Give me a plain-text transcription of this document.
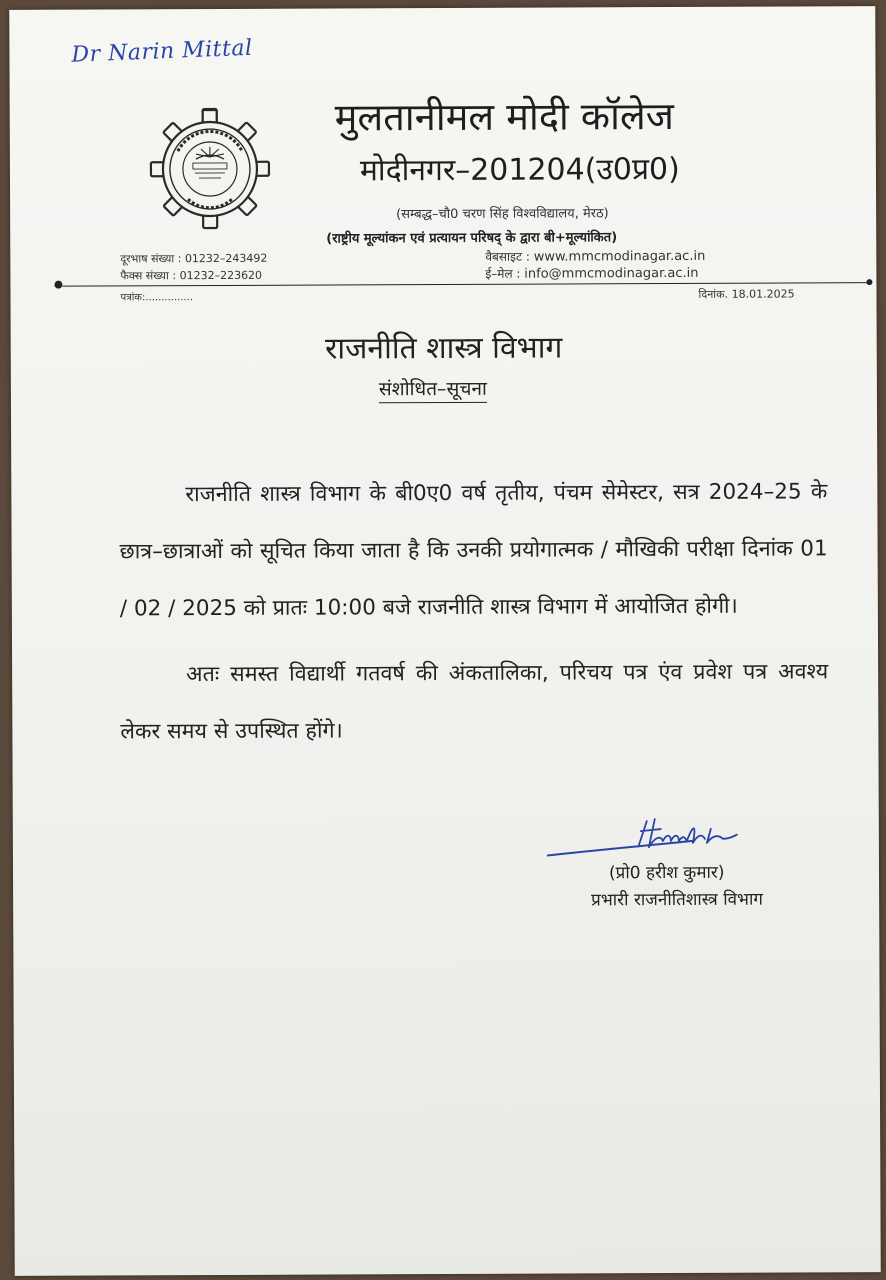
Dr Narin Mittal
मुलतानीमल मोदी कॉलेज
मोदीनगर–201204(उ0प्र0)
(सम्बद्ध–चौ0 चरण सिंह विश्वविद्यालय, मेरठ)
(राष्ट्रीय मूल्यांकन एवं प्रत्यायन परिषद् के द्वारा बी+मूल्यांकित)
दूरभाष संख्या : 01232–243492
फैक्स संख्या : 01232–223620
वैबसाइट : www.mmcmodinagar.ac.in
ई–मेल : info@mmcmodinagar.ac.in
पत्रांक:...............	दिनांक. 18.01.2025
राजनीति शास्त्र विभाग
संशोधित–सूचना

राजनीति शास्त्र विभाग के बी0ए0 वर्ष तृतीय, पंचम सेमेस्टर, सत्र 2024–25 के छात्र–छात्राओं को सूचित किया जाता है कि उनकी प्रयोगात्मक / मौखिकी परीक्षा दिनांक 01 / 02 / 2025 को प्रातः 10:00 बजे राजनीति शास्त्र विभाग में आयोजित होगी।

अतः समस्त विद्यार्थी गतवर्ष की अंकतालिका, परिचय पत्र एंव प्रवेश पत्र अवश्य लेकर समय से उपस्थित होंगे।

(प्रो0 हरीश कुमार)
प्रभारी राजनीतिशास्त्र विभाग
